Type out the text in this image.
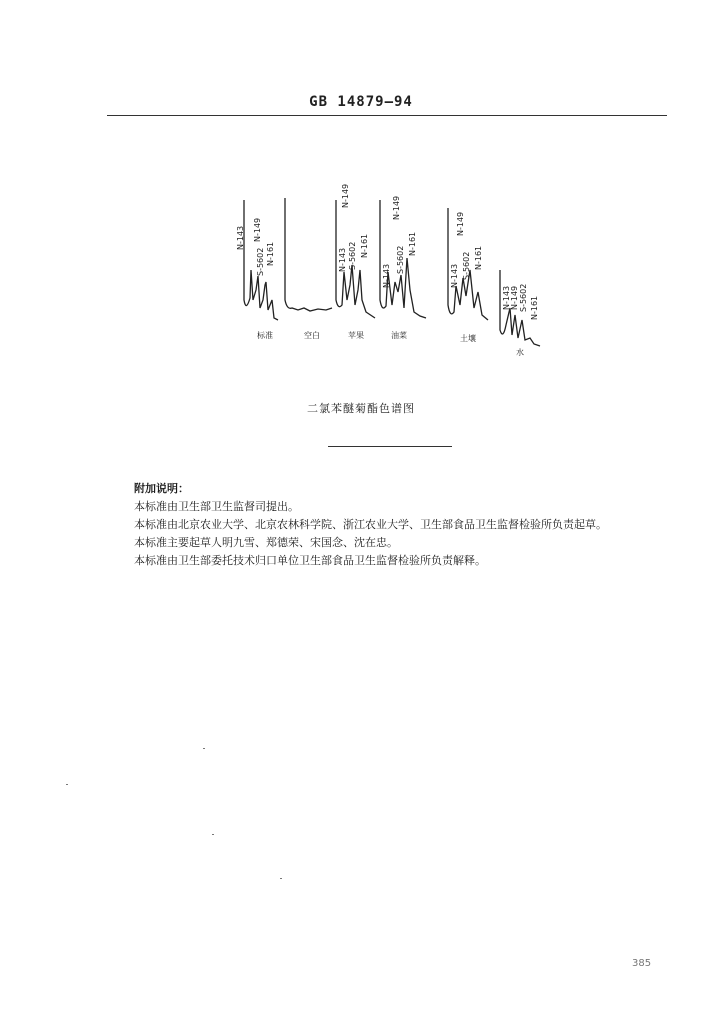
GB 14879—94
N-143 N-149
S-5602 N-161
N-149
N-143 S-5602 N-161
N-149
N-143
S-5602
N-161
N-149
N-143 S-5602 N-161
N-143 N-149 S-5602 N-161
标准	空白	苹果	油菜	土壤
水
二氯苯醚菊酯色谱图
附加说明：
本标准由卫生部卫生监督司提出。
本标准由北京农业大学、北京农林科学院、浙江农业大学、卫生部食品卫生监督检验所负责起草。
本标准主要起草人明九雪、郑德荣、宋国念、沈在忠。
本标准由卫生部委托技术归口单位卫生部食品卫生监督检验所负责解释。
385
